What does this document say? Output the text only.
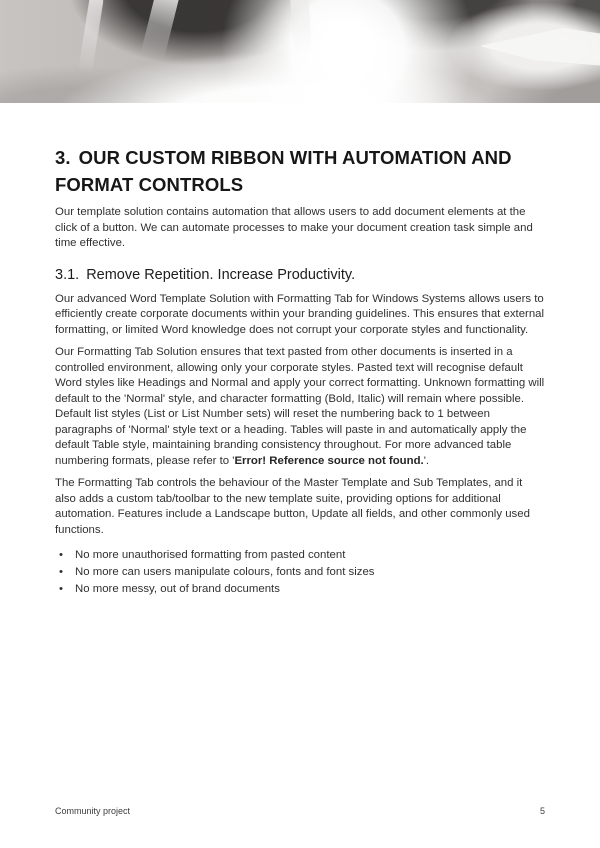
3. OUR CUSTOM RIBBON WITH AUTOMATION AND FORMAT CONTROLS

Our template solution contains automation that allows users to add document elements at the click of a button. We can automate processes to make your document creation task simple and time effective.

3.1. Remove Repetition. Increase Productivity.

Our advanced Word Template Solution with Formatting Tab for Windows Systems allows users to efficiently create corporate documents within your branding guidelines. This ensures that external formatting, or limited Word knowledge does not corrupt your corporate styles and functionality.

Our Formatting Tab Solution ensures that text pasted from other documents is inserted in a controlled environment, allowing only your corporate styles. Pasted text will recognise default Word styles like Headings and Normal and apply your correct formatting. Unknown formatting will default to the 'Normal' style, and character formatting (Bold, Italic) will remain where possible. Default list styles (List or List Number sets) will reset the numbering back to 1 between paragraphs of 'Normal' style text or a heading. Tables will paste in and automatically apply the default Table style, maintaining branding consistency throughout. For more advanced table numbering formats, please refer to 'Error! Reference source not found.'.

The Formatting Tab controls the behaviour of the Master Template and Sub Templates, and it also adds a custom tab/toolbar to the new template suite, providing options for additional automation. Features include a Landscape button, Update all fields, and other commonly used functions.

• No more unauthorised formatting from pasted content
• No more can users manipulate colours, fonts and font sizes
• No more messy, out of brand documents
Community project	5
